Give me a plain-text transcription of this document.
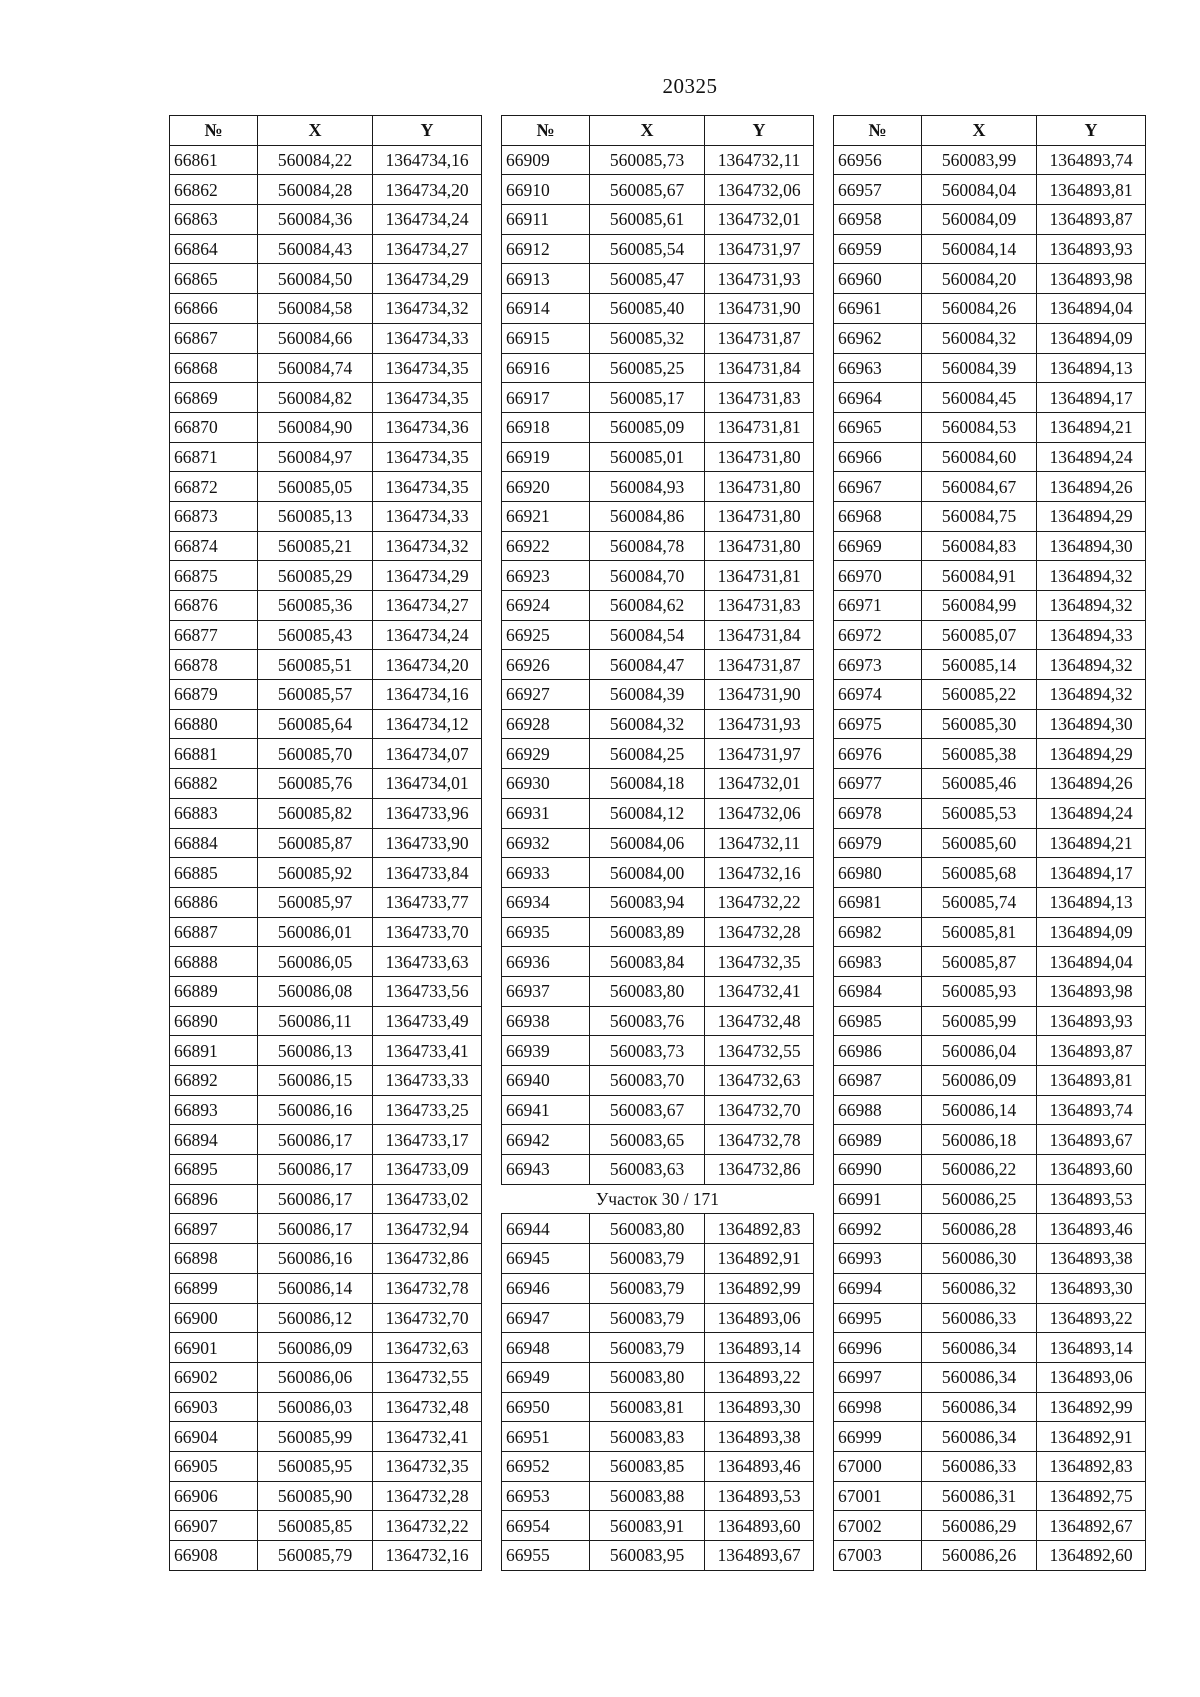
20325
№	X	Y
66861	560084,22	1364734,16
66862	560084,28	1364734,20
66863	560084,36	1364734,24
66864	560084,43	1364734,27
66865	560084,50	1364734,29
66866	560084,58	1364734,32
66867	560084,66	1364734,33
66868	560084,74	1364734,35
66869	560084,82	1364734,35
66870	560084,90	1364734,36
66871	560084,97	1364734,35
66872	560085,05	1364734,35
66873	560085,13	1364734,33
66874	560085,21	1364734,32
66875	560085,29	1364734,29
66876	560085,36	1364734,27
66877	560085,43	1364734,24
66878	560085,51	1364734,20
66879	560085,57	1364734,16
66880	560085,64	1364734,12
66881	560085,70	1364734,07
66882	560085,76	1364734,01
66883	560085,82	1364733,96
66884	560085,87	1364733,90
66885	560085,92	1364733,84
66886	560085,97	1364733,77
66887	560086,01	1364733,70
66888	560086,05	1364733,63
66889	560086,08	1364733,56
66890	560086,11	1364733,49
66891	560086,13	1364733,41
66892	560086,15	1364733,33
66893	560086,16	1364733,25
66894	560086,17	1364733,17
66895	560086,17	1364733,09
66896	560086,17	1364733,02
66897	560086,17	1364732,94
66898	560086,16	1364732,86
66899	560086,14	1364732,78
66900	560086,12	1364732,70
66901	560086,09	1364732,63
66902	560086,06	1364732,55
66903	560086,03	1364732,48
66904	560085,99	1364732,41
66905	560085,95	1364732,35
66906	560085,90	1364732,28
66907	560085,85	1364732,22
66908	560085,79	1364732,16
№	X	Y
66909	560085,73	1364732,11
66910	560085,67	1364732,06
66911	560085,61	1364732,01
66912	560085,54	1364731,97
66913	560085,47	1364731,93
66914	560085,40	1364731,90
66915	560085,32	1364731,87
66916	560085,25	1364731,84
66917	560085,17	1364731,83
66918	560085,09	1364731,81
66919	560085,01	1364731,80
66920	560084,93	1364731,80
66921	560084,86	1364731,80
66922	560084,78	1364731,80
66923	560084,70	1364731,81
66924	560084,62	1364731,83
66925	560084,54	1364731,84
66926	560084,47	1364731,87
66927	560084,39	1364731,90
66928	560084,32	1364731,93
66929	560084,25	1364731,97
66930	560084,18	1364732,01
66931	560084,12	1364732,06
66932	560084,06	1364732,11
66933	560084,00	1364732,16
66934	560083,94	1364732,22
66935	560083,89	1364732,28
66936	560083,84	1364732,35
66937	560083,80	1364732,41
66938	560083,76	1364732,48
66939	560083,73	1364732,55
66940	560083,70	1364732,63
66941	560083,67	1364732,70
66942	560083,65	1364732,78
66943	560083,63	1364732,86
Участок 30 / 171		
66944	560083,80	1364892,83
66945	560083,79	1364892,91
66946	560083,79	1364892,99
66947	560083,79	1364893,06
66948	560083,79	1364893,14
66949	560083,80	1364893,22
66950	560083,81	1364893,30
66951	560083,83	1364893,38
66952	560083,85	1364893,46
66953	560083,88	1364893,53
66954	560083,91	1364893,60
66955	560083,95	1364893,67
№	X	Y
66956	560083,99	1364893,74
66957	560084,04	1364893,81
66958	560084,09	1364893,87
66959	560084,14	1364893,93
66960	560084,20	1364893,98
66961	560084,26	1364894,04
66962	560084,32	1364894,09
66963	560084,39	1364894,13
66964	560084,45	1364894,17
66965	560084,53	1364894,21
66966	560084,60	1364894,24
66967	560084,67	1364894,26
66968	560084,75	1364894,29
66969	560084,83	1364894,30
66970	560084,91	1364894,32
66971	560084,99	1364894,32
66972	560085,07	1364894,33
66973	560085,14	1364894,32
66974	560085,22	1364894,32
66975	560085,30	1364894,30
66976	560085,38	1364894,29
66977	560085,46	1364894,26
66978	560085,53	1364894,24
66979	560085,60	1364894,21
66980	560085,68	1364894,17
66981	560085,74	1364894,13
66982	560085,81	1364894,09
66983	560085,87	1364894,04
66984	560085,93	1364893,98
66985	560085,99	1364893,93
66986	560086,04	1364893,87
66987	560086,09	1364893,81
66988	560086,14	1364893,74
66989	560086,18	1364893,67
66990	560086,22	1364893,60
66991	560086,25	1364893,53
66992	560086,28	1364893,46
66993	560086,30	1364893,38
66994	560086,32	1364893,30
66995	560086,33	1364893,22
66996	560086,34	1364893,14
66997	560086,34	1364893,06
66998	560086,34	1364892,99
66999	560086,34	1364892,91
67000	560086,33	1364892,83
67001	560086,31	1364892,75
67002	560086,29	1364892,67
67003	560086,26	1364892,60
